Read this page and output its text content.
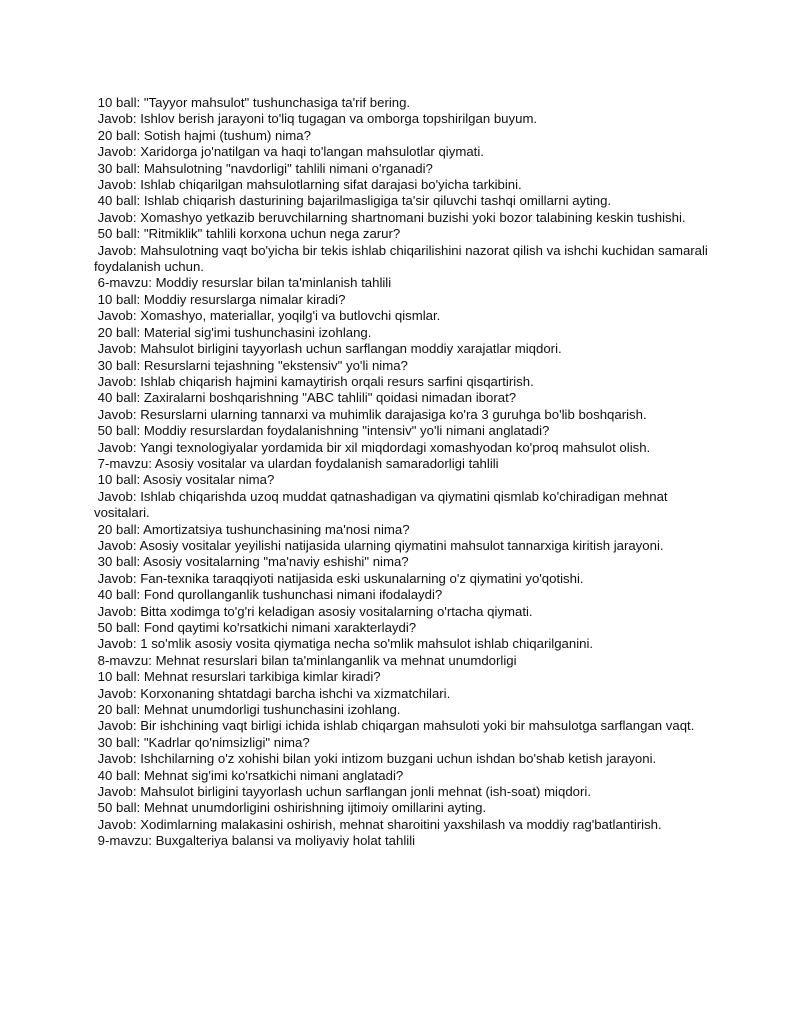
10 ball: "Tayyor mahsulot" tushunchasiga ta'rif bering.

Javob: Ishlov berish jarayoni to'liq tugagan va omborga topshirilgan buyum.

20 ball: Sotish hajmi (tushum) nima?

Javob: Xaridorga jo'natilgan va haqi to'langan mahsulotlar qiymati.

30 ball: Mahsulotning "navdorligi" tahlili nimani o'rganadi?

Javob: Ishlab chiqarilgan mahsulotlarning sifat darajasi bo'yicha tarkibini.

40 ball: Ishlab chiqarish dasturining bajarilmasligiga ta'sir qiluvchi tashqi omillarni ayting.

Javob: Xomashyo yetkazib beruvchilarning shartnomani buzishi yoki bozor talabining keskin tushishi.

50 ball: "Ritmiklik" tahlili korxona uchun nega zarur?

Javob: Mahsulotning vaqt bo'yicha bir tekis ishlab chiqarilishini nazorat qilish va ishchi kuchidan samarali foydalanish uchun.

6-mavzu: Moddiy resurslar bilan ta'minlanish tahlili

10 ball: Moddiy resurslarga nimalar kiradi?

Javob: Xomashyo, materiallar, yoqilg'i va butlovchi qismlar.

20 ball: Material sig'imi tushunchasini izohlang.

Javob: Mahsulot birligini tayyorlash uchun sarflangan moddiy xarajatlar miqdori.

30 ball: Resurslarni tejashning "ekstensiv" yo'li nima?

Javob: Ishlab chiqarish hajmini kamaytirish orqali resurs sarfini qisqartirish.

40 ball: Zaxiralarni boshqarishning "ABC tahlili" qoidasi nimadan iborat?

Javob: Resurslarni ularning tannarxi va muhimlik darajasiga ko'ra 3 guruhga bo'lib boshqarish.

50 ball: Moddiy resurslardan foydalanishning "intensiv" yo'li nimani anglatadi?

Javob: Yangi texnologiyalar yordamida bir xil miqdordagi xomashyodan ko'proq mahsulot olish.

7-mavzu: Asosiy vositalar va ulardan foydalanish samaradorligi tahlili

10 ball: Asosiy vositalar nima?

Javob: Ishlab chiqarishda uzoq muddat qatnashadigan va qiymatini qismlab ko'chiradigan mehnat vositalari.

20 ball: Amortizatsiya tushunchasining ma'nosi nima?

Javob: Asosiy vositalar yeyilishi natijasida ularning qiymatini mahsulot tannarxiga kiritish jarayoni.

30 ball: Asosiy vositalarning "ma'naviy eshishi" nima?

Javob: Fan-texnika taraqqiyoti natijasida eski uskunalarning o'z qiymatini yo'qotishi.

40 ball: Fond qurollanganlik tushunchasi nimani ifodalaydi?

Javob: Bitta xodimga to'g'ri keladigan asosiy vositalarning o'rtacha qiymati.

50 ball: Fond qaytimi ko'rsatkichi nimani xarakterlaydi?

Javob: 1 so'mlik asosiy vosita qiymatiga necha so'mlik mahsulot ishlab chiqarilganini.

8-mavzu: Mehnat resurslari bilan ta'minlanganlik va mehnat unumdorligi

10 ball: Mehnat resurslari tarkibiga kimlar kiradi?

Javob: Korxonaning shtatdagi barcha ishchi va xizmatchilari.

20 ball: Mehnat unumdorligi tushunchasini izohlang.

Javob: Bir ishchining vaqt birligi ichida ishlab chiqargan mahsuloti yoki bir mahsulotga sarflangan vaqt.

30 ball: "Kadrlar qo'nimsizligi" nima?

Javob: Ishchilarning o'z xohishi bilan yoki intizom buzgani uchun ishdan bo'shab ketish jarayoni.

40 ball: Mehnat sig'imi ko'rsatkichi nimani anglatadi?

Javob: Mahsulot birligini tayyorlash uchun sarflangan jonli mehnat (ish-soat) miqdori.

50 ball: Mehnat unumdorligini oshirishning ijtimoiy omillarini ayting.

Javob: Xodimlarning malakasini oshirish, mehnat sharoitini yaxshilash va moddiy rag'batlantirish.

9-mavzu: Buxgalteriya balansi va moliyaviy holat tahlili
